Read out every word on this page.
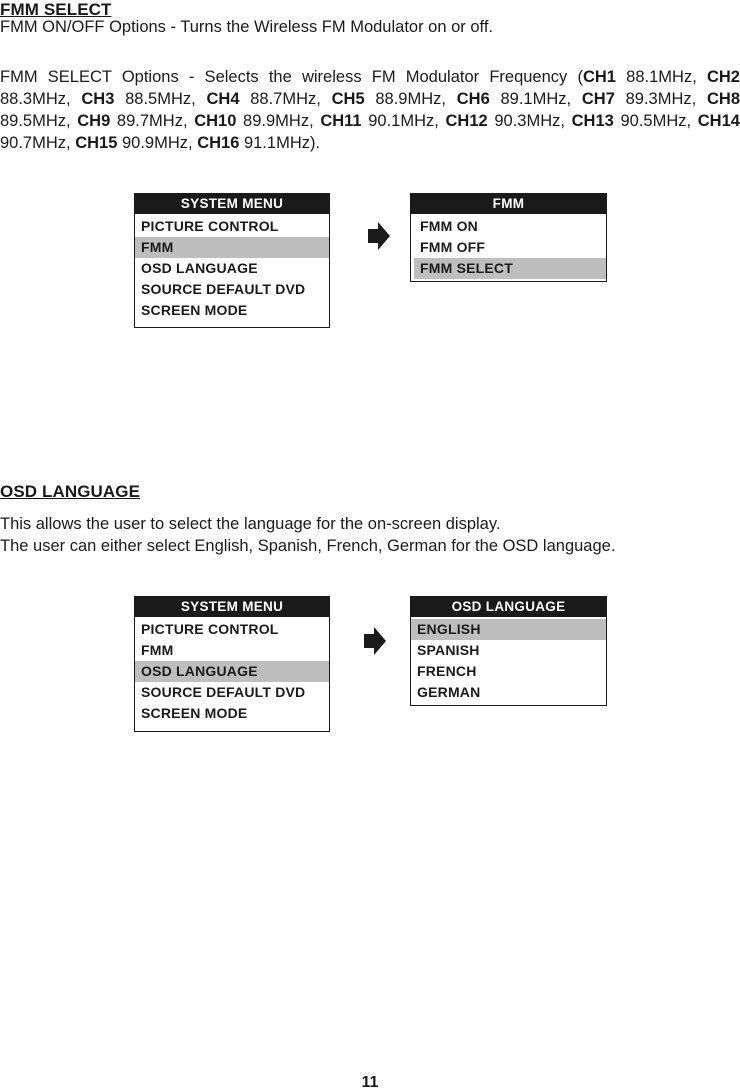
FMM SELECT

FMM ON/OFF Options - Turns the Wireless FM Modulator on or off.

FMM SELECT Options - Selects the wireless FM Modulator Frequency (CH1 88.1MHz, CH2 88.3MHz, CH3 88.5MHz, CH4 88.7MHz, CH5 88.9MHz, CH6 89.1MHz, CH7 89.3MHz, CH8 89.5MHz, CH9 89.7MHz, CH10 89.9MHz, CH11 90.1MHz, CH12 90.3MHz, CH13 90.5MHz, CH14 90.7MHz, CH15 90.9MHz, CH16 91.1MHz).

SYSTEM MENU
PICTURE CONTROL
FMM
OSD LANGUAGE
SOURCE DEFAULT DVD
SCREEN MODE
FMM
FMM ON
FMM OFF
FMM SELECT
OSD LANGUAGE

This allows the user to select the language for the on-screen display.

The user can either select English, Spanish, French, German for the OSD language.

SYSTEM MENU
PICTURE CONTROL
FMM
OSD LANGUAGE
SOURCE DEFAULT DVD
SCREEN MODE
OSD LANGUAGE
ENGLISH
SPANISH
FRENCH
GERMAN
11
